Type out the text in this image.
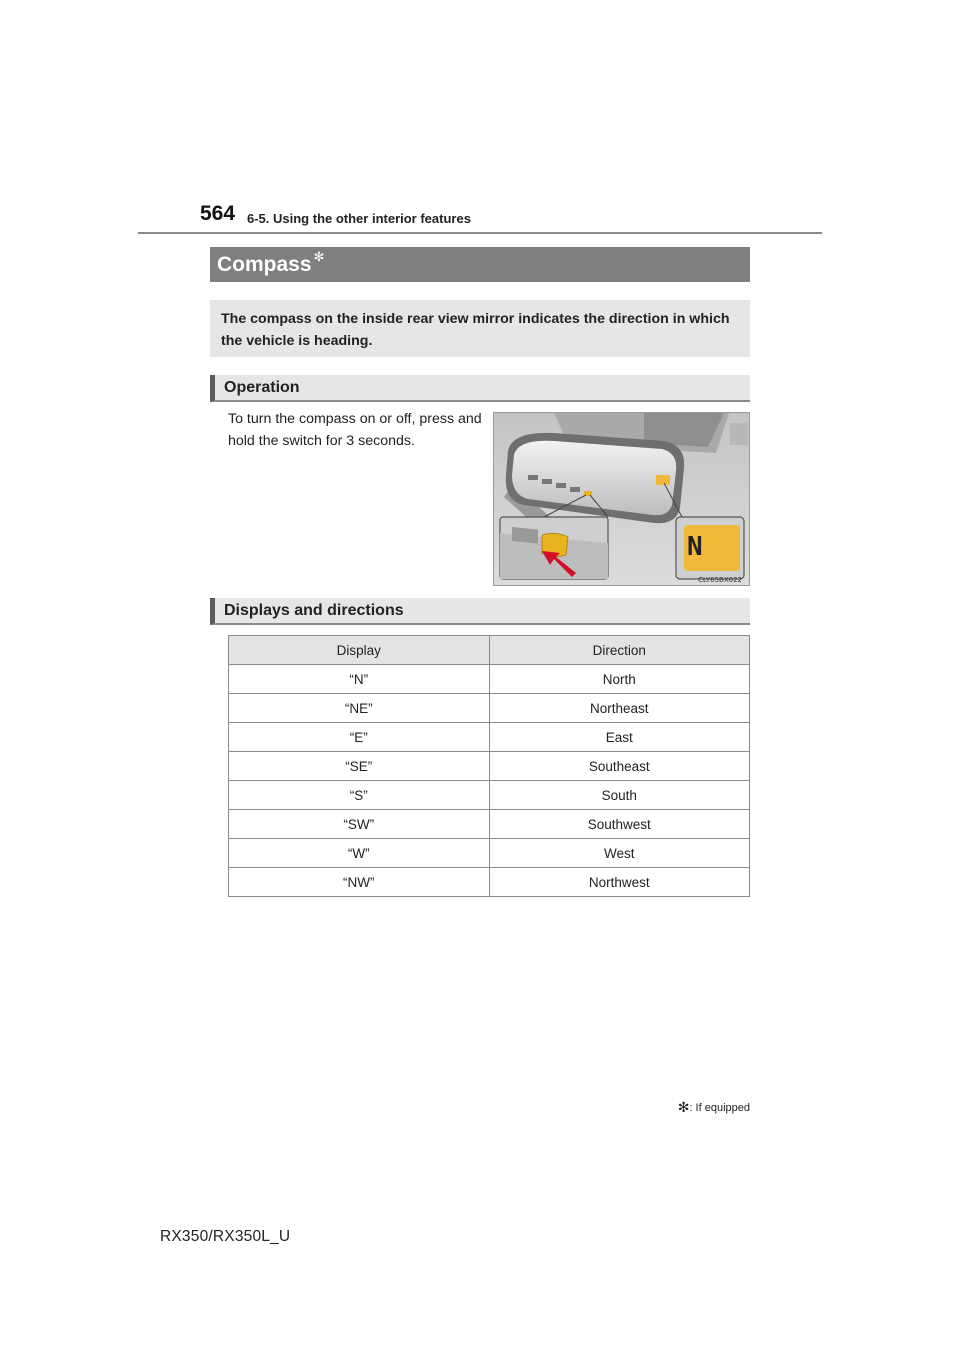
564 6-5. Using the other interior features
Compass ✻
The compass on the inside rear view mirror indicates the direction in which the vehicle is heading.
Operation
To turn the compass on or off, press and hold the switch for 3 seconds.
N
CLY65BX022
Displays and directions
Display	Direction
“N”	North
“NE”	Northeast
“E”	East
“SE”	Southeast
“S”	South
“SW”	Southwest
“W”	West
“NW”	Northwest
✻: If equipped
RX350/RX350L_U
